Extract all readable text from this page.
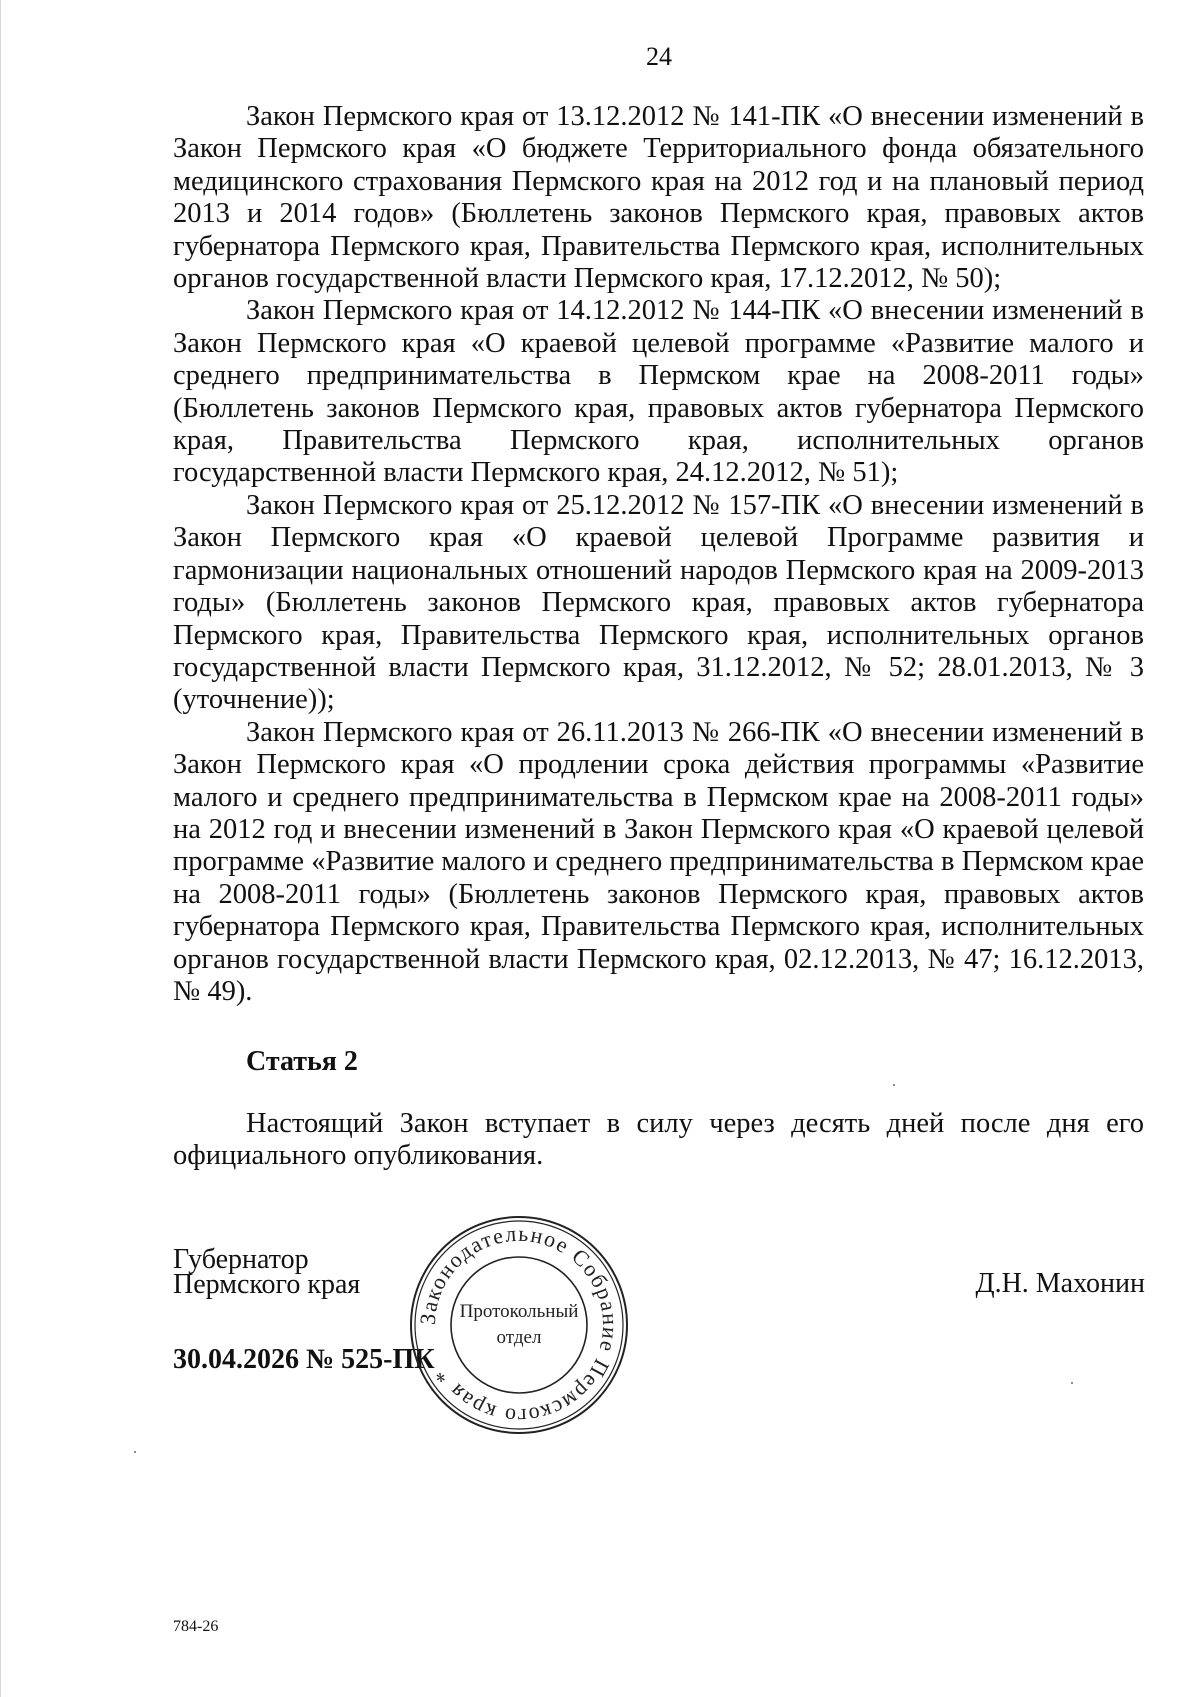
24

Закон Пермского края от 13.12.2012 № 141-ПК «О внесении изменений в Закон Пермского края «О бюджете Территориального фонда обязательного медицинского страхования Пермского края на 2012 год и на плановый период 2013 и 2014 годов» (Бюллетень законов Пермского края, правовых актов губернатора Пермского края, Правительства Пермского края, исполнительных органов государственной власти Пермского края, 17.12.2012, № 50);

Закон Пермского края от 14.12.2012 № 144-ПК «О внесении изменений в Закон Пермского края «О краевой целевой программе «Развитие малого и среднего предпринимательства в Пермском крае на 2008-2011 годы» (Бюллетень законов Пермского края, правовых актов губернатора Пермского края, Правительства Пермского края, исполнительных органов государственной власти Пермского края, 24.12.2012, № 51);

Закон Пермского края от 25.12.2012 № 157-ПК «О внесении изменений в Закон Пермского края «О краевой целевой Программе развития и гармонизации национальных отношений народов Пермского края на 2009-2013 годы» (Бюллетень законов Пермского края, правовых актов губернатора Пермского края, Правительства Пермского края, исполнительных органов государственной власти Пермского края, 31.12.2012, № 52; 28.01.2013, № 3 (уточнение));

Закон Пермского края от 26.11.2013 № 266-ПК «О внесении изменений в Закон Пермского края «О продлении срока действия программы «Развитие малого и среднего предпринимательства в Пермском крае на 2008-2011 годы» на 2012 год и внесении изменений в Закон Пермского края «О краевой целевой программе «Развитие малого и среднего предпринимательства в Пермском крае на 2008-2011 годы» (Бюллетень законов Пермского края, правовых актов губернатора Пермского края, Правительства Пермского края, исполнительных органов государственной власти Пермского края, 02.12.2013, № 47; 16.12.2013, № 49).

Статья 2

Настоящий Закон вступает в силу через десять дней после дня его официального опубликования.

Губернатор
Пермского края	Д.Н. Махонин
30.04.2026 № 525-ПК
Законодательное Собрание Пермского края *
Протокольный
отдел
784-26
